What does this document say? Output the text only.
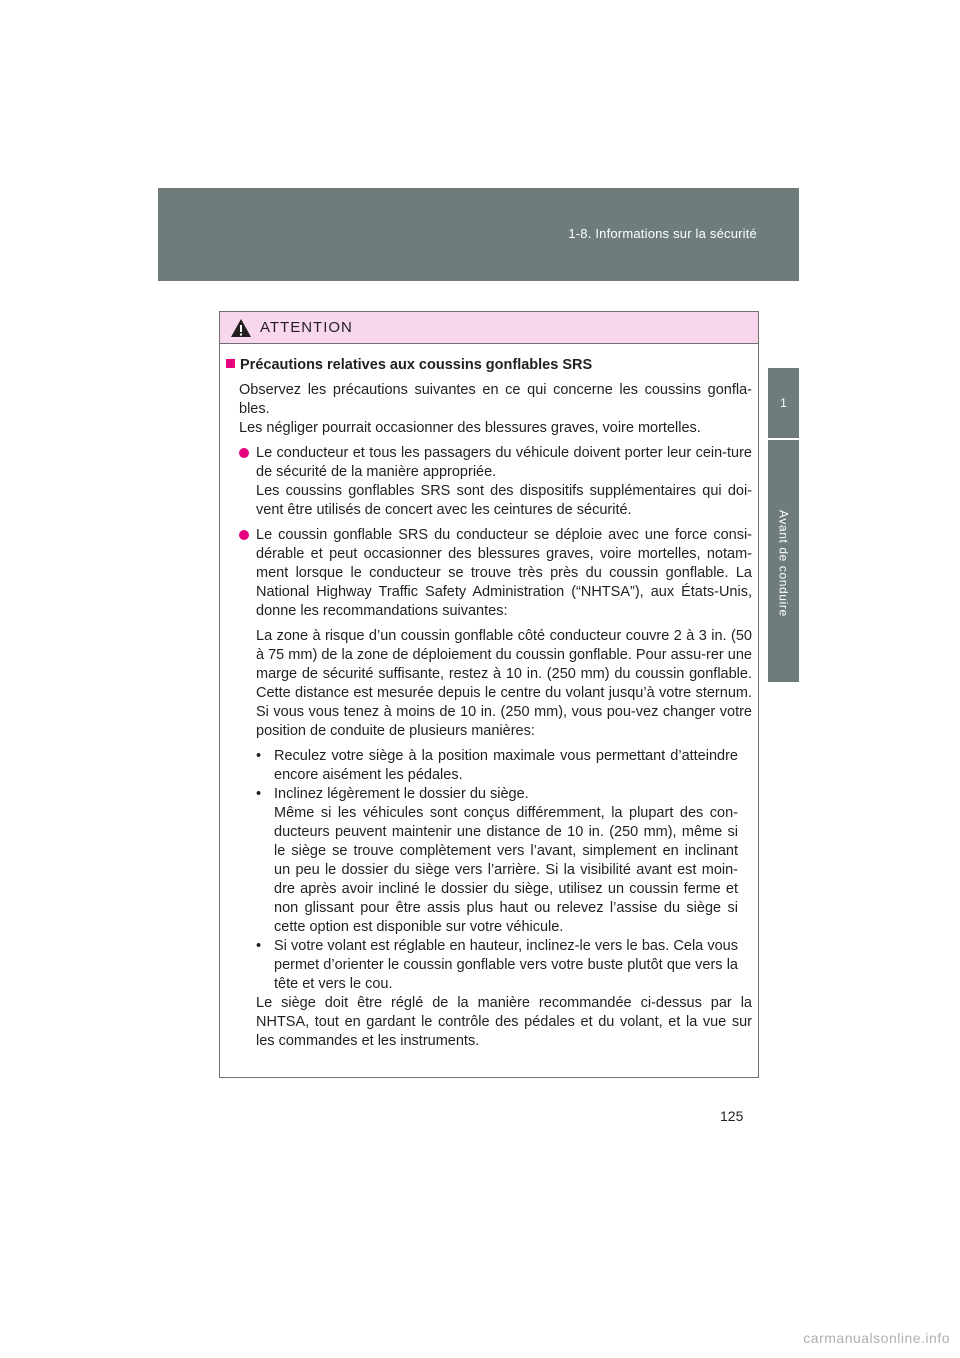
1-8. Informations sur la sécurité
1
Avant de conduire
ATTENTION
Précautions relatives aux coussins gonflables SRS

Observez les précautions suivantes en ce qui concerne les coussins gonfla-bles.

Les négliger pourrait occasionner des blessures graves, voire mortelles.

Le conducteur et tous les passagers du véhicule doivent porter leur cein-ture de sécurité de la manière appropriée.
Les coussins gonflables SRS sont des dispositifs supplémentaires qui doi-vent être utilisés de concert avec les ceintures de sécurité.
Le coussin gonflable SRS du conducteur se déploie avec une force consi-dérable et peut occasionner des blessures graves, voire mortelles, notam-ment lorsque le conducteur se trouve très près du coussin gonflable. La National Highway Traffic Safety Administration (“NHTSA”), aux États-Unis, donne les recommandations suivantes:

La zone à risque d’un coussin gonflable côté conducteur couvre 2 à 3 in. (50 à 75 mm) de la zone de déploiement du coussin gonflable. Pour assu-rer une marge de sécurité suffisante, restez à 10 in. (250 mm) du coussin gonflable. Cette distance est mesurée depuis le centre du volant jusqu’à votre sternum. Si vous vous tenez à moins de 10 in. (250 mm), vous pou-vez changer votre position de conduite de plusieurs manières:

• Reculez votre siège à la position maximale vous permettant d’atteindre encore aisément les pédales.
• Inclinez légèrement le dossier du siège.
Même si les véhicules sont conçus différemment, la plupart des con-ducteurs peuvent maintenir une distance de 10 in. (250 mm), même si le siège se trouve complètement vers l’avant, simplement en inclinant un peu le dossier du siège vers l’arrière. Si la visibilité avant est moin-dre après avoir incliné le dossier du siège, utilisez un coussin ferme et non glissant pour être assis plus haut ou relevez l’assise du siège si cette option est disponible sur votre véhicule.
• Si votre volant est réglable en hauteur, inclinez-le vers le bas. Cela vous permet d’orienter le coussin gonflable vers votre buste plutôt que vers la tête et vers le cou.

Le siège doit être réglé de la manière recommandée ci-dessus par la NHTSA, tout en gardant le contrôle des pédales et du volant, et la vue sur les commandes et les instruments.

125
carmanualsonline.info
